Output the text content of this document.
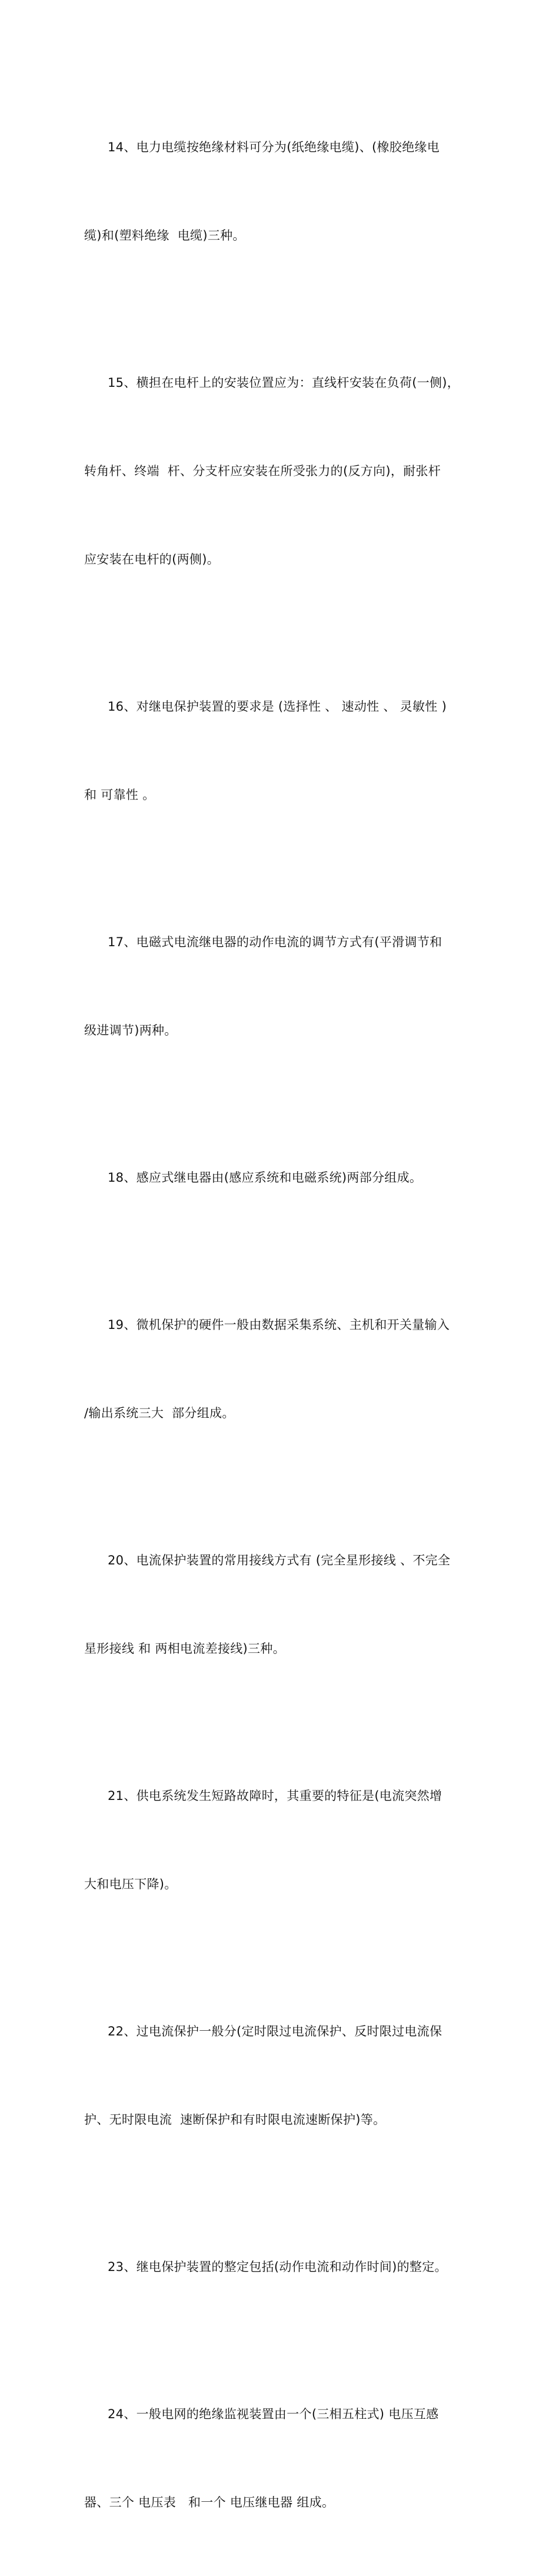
14、电力电缆按绝缘材料可分为(纸绝缘电缆)、(橡胶绝缘电

缆)和(塑料绝缘  电缆)三种。

15、横担在电杆上的安装位置应为：直线杆安装在负荷(一侧)，

转角杆、终端  杆、分支杆应安装在所受张力的(反方向)，耐张杆

应安装在电杆的(两侧)。

16、对继电保护装置的要求是 (选择性 、 速动性 、 灵敏性 )

和 可靠性 。

17、电磁式电流继电器的动作电流的调节方式有(平滑调节和

级进调节)两种。

18、感应式继电器由(感应系统和电磁系统)两部分组成。

19、微机保护的硬件一般由数据采集系统、主机和开关量输入

/输出系统三大  部分组成。

20、电流保护装置的常用接线方式有 (完全星形接线 、不完全

星形接线 和 两相电流差接线)三种。

21、供电系统发生短路故障时，其重要的特征是(电流突然增

大和电压下降)。

22、过电流保护一般分(定时限过电流保护、反时限过电流保

护、无时限电流  速断保护和有时限电流速断保护)等。

23、继电保护装置的整定包括(动作电流和动作时间)的整定。

24、一般电网的绝缘监视装置由一个(三相五柱式) 电压互感

器、三个 电压表   和一个 电压继电器 组成。
